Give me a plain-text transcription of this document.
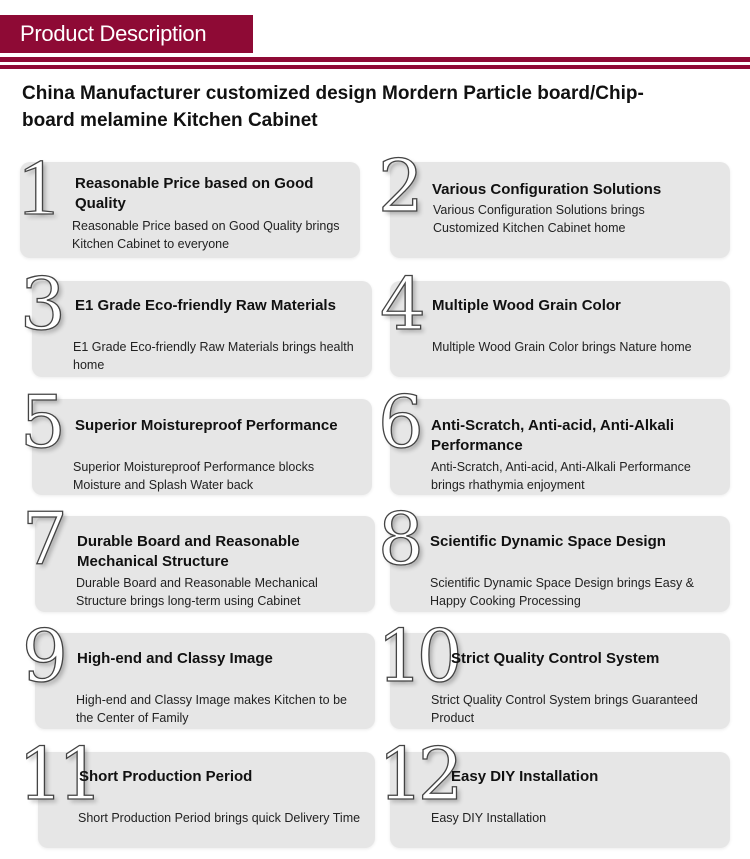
Product Description
China Manufacturer customized design Mordern Particle board/Chip-
board melamine Kitchen Cabinet
1 Reasonable Price based on Good Quality
Reasonable Price based on Good Quality brings Kitchen Cabinet to everyone
2 Various Configuration Solutions
Various Configuration Solutions brings Customized Kitchen Cabinet home
3 E1 Grade Eco-friendly Raw Materials
E1 Grade Eco-friendly Raw Materials brings health home
4 Multiple Wood Grain Color
Multiple Wood Grain Color brings Nature home
5 Superior Moistureproof Performance
Superior Moistureproof Performance blocks Moisture and Splash Water back
6 Anti-Scratch, Anti-acid, Anti-Alkali Performance
Anti-Scratch, Anti-acid, Anti-Alkali Performance brings rhathymia enjoyment
7 Durable Board and Reasonable Mechanical Structure
Durable Board and Reasonable Mechanical Structure brings long-term using Cabinet
8 Scientific Dynamic Space Design
Scientific Dynamic Space Design brings Easy & Happy Cooking Processing
9 High-end and Classy Image
High-end and Classy Image makes Kitchen to be the Center of Family
10
Strict Quality Control System
Strict Quality Control System brings Guaranteed Product
11
Short Production Period
Short Production Period brings quick Delivery Time
12
Easy DIY Installation
Easy DIY Installation
